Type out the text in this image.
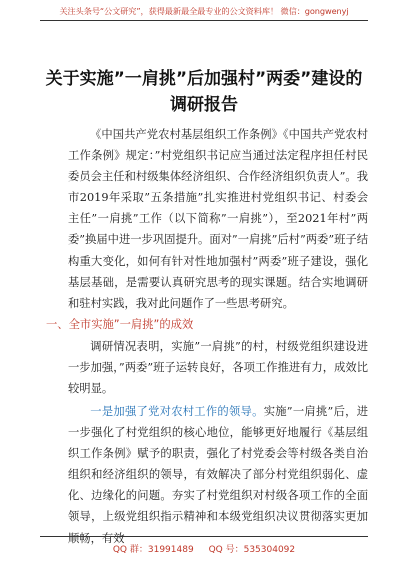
关注头条号“公文研究”，获得最新最全最专业的公文资料库！ 微信：gongwenyj
关于实施”一肩挑”后加强村”两委”建设的
调研报告
《中国共产党农村基层组织工作条例》《中国共产党农村工作条例》规定：”村党组织书记应当通过法定程序担任村民委员会主任和村级集体经济组织、合作经济组织负责人”。我市2019年采取”五条措施”扎实推进村党组织书记、村委会主任”一肩挑”工作（以下简称”一肩挑”），至2021年村”两委”换届中进一步巩固提升。面对”一肩挑”后村”两委”班子结构重大变化，如何有针对性地加强村”两委”班子建设，强化基层基础，是需要认真研究思考的现实课题。结合实地调研和驻村实践，我对此问题作了一些思考研究。
一、全市实施”一肩挑”的成效
调研情况表明，实施”一肩挑”的村，村级党组织建设进一步加强，”两委”班子运转良好，各项工作推进有力，成效比较明显。
一是加强了党对农村工作的领导。实施”一肩挑”后，进一步强化了村党组织的核心地位，能够更好地履行《基层组织工作条例》赋予的职责，强化了村党委会等村级各类自治组织和经济组织的领导，有效解决了部分村党组织弱化、虚化、边缘化的问题。夯实了村党组织对村级各项工作的全面领导，上级党组织指示精神和本级党组织决议贯彻落实更加顺畅，有效
QQ 群：31991489 QQ 号：535304092
